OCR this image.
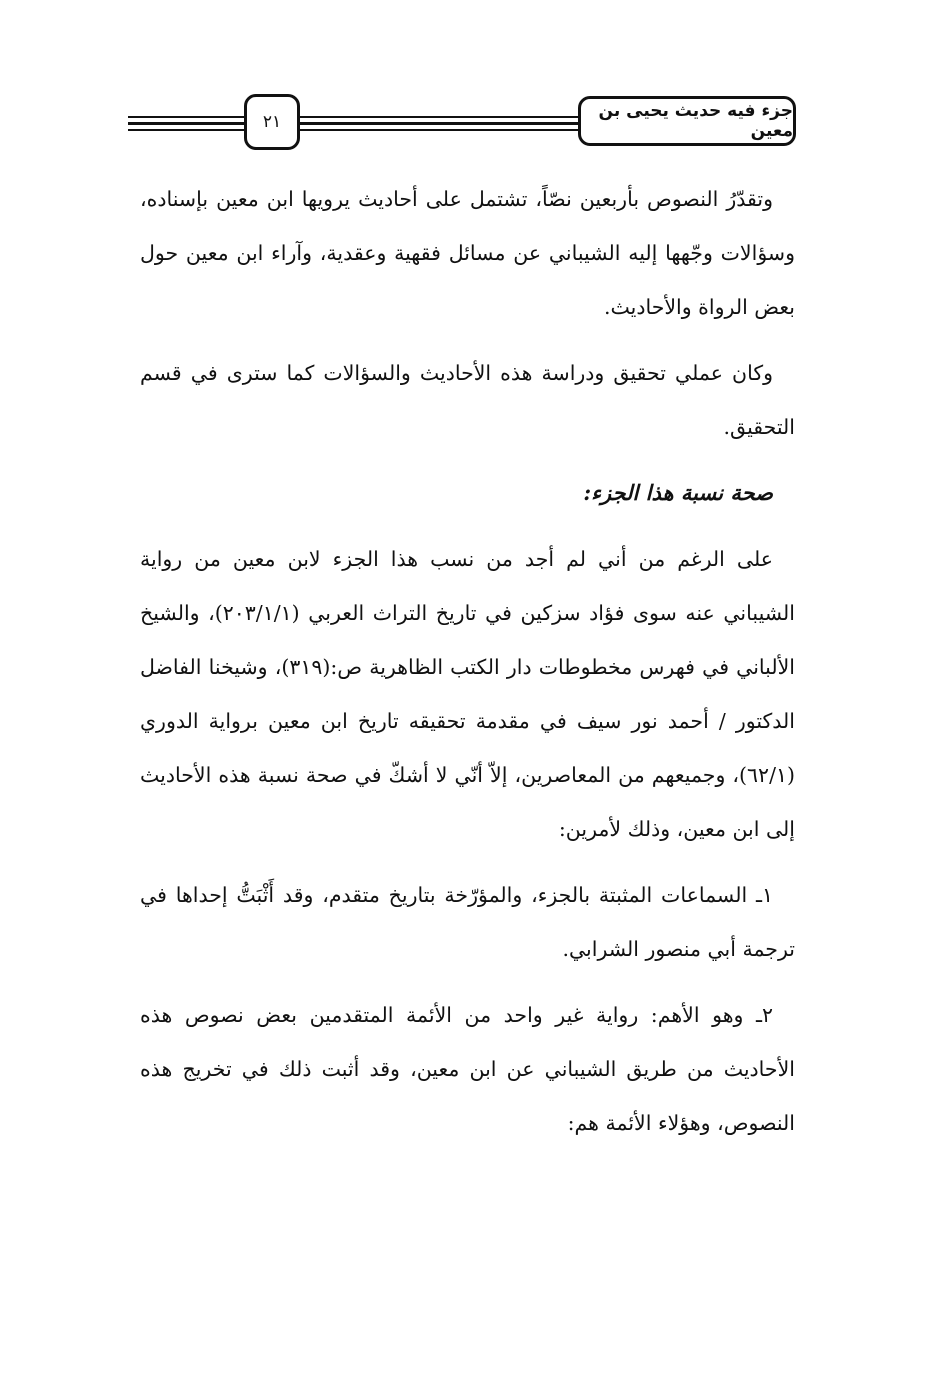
٢١
جزء فيه حديث يحيى بن معين

وتقدّرُ النصوص بأربعين نصّاً، تشتمل على أحاديث يرويها ابن معين بإسناده، وسؤالات وجّهها إليه الشيباني عن مسائل فقهية وعقدية، وآراء ابن معين حول بعض الرواة والأحاديث.

وكان عملي تحقيق ودراسة هذه الأحاديث والسؤالات كما سترى في قسم التحقيق.

صحة نسبة هذا الجزء:

على الرغم من أني لم أجد من نسب هذا الجزء لابن معين من رواية الشيباني عنه سوى فؤاد سزكين في تاريخ التراث العربي (٢٠٣/١/١)، والشيخ الألباني في فهرس مخطوطات دار الكتب الظاهرية ص:(٣١٩)، وشيخنا الفاضل الدكتور / أحمد نور سيف في مقدمة تحقيقه تاريخ ابن معين برواية الدوري (٦٢/١)، وجميعهم من المعاصرين، إلاّ أنّي لا أشكّ في صحة نسبة هذه الأحاديث إلى ابن معين، وذلك لأمرين:

١ـ السماعات المثبتة بالجزء، والمؤرّخة بتاريخ متقدم، وقد أَثْبَتُّ إحداها في ترجمة أبي منصور الشرابي.

٢ـ وهو الأهم: رواية غير واحد من الأئمة المتقدمين بعض نصوص هذه الأحاديث من طريق الشيباني عن ابن معين، وقد أثبت ذلك في تخريج هذه النصوص، وهؤلاء الأئمة هم:
